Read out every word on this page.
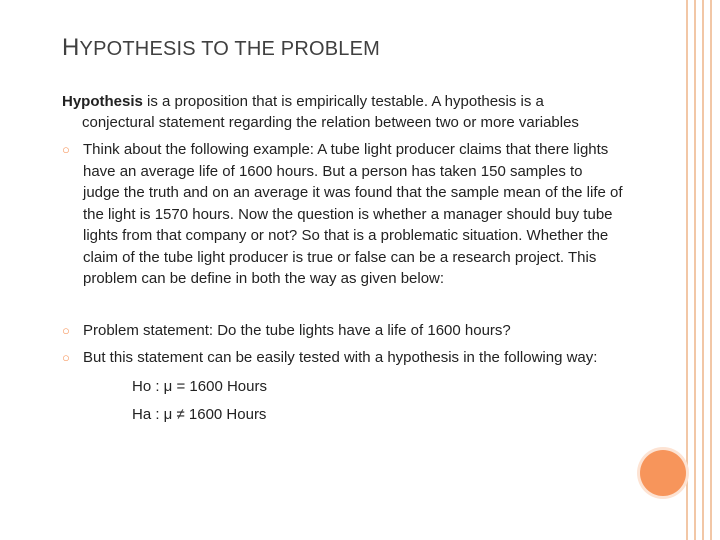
HYPOTHESIS TO THE PROBLEM
Hypothesis is a proposition that is empirically testable. A hypothesis is a
conjectural statement regarding the relation between two or more variables
○ Think about the following example: A tube light producer claims that there lights have an average life of 1600 hours. But a person has taken 150 samples to judge the truth and on an average it was found that the sample mean of the life of the light is 1570 hours. Now the question is whether a manager should buy tube lights from that company or not? So that is a problematic situation. Whether the claim of the tube light producer is true or false can be a research project. This problem can be define in both the way as given below:
○ Problem statement: Do the tube lights have a life of 1600 hours?
○ But this statement can be easily tested with a hypothesis in the following way:
Ho : μ = 1600 Hours
Ha : μ ≠ 1600 Hours
